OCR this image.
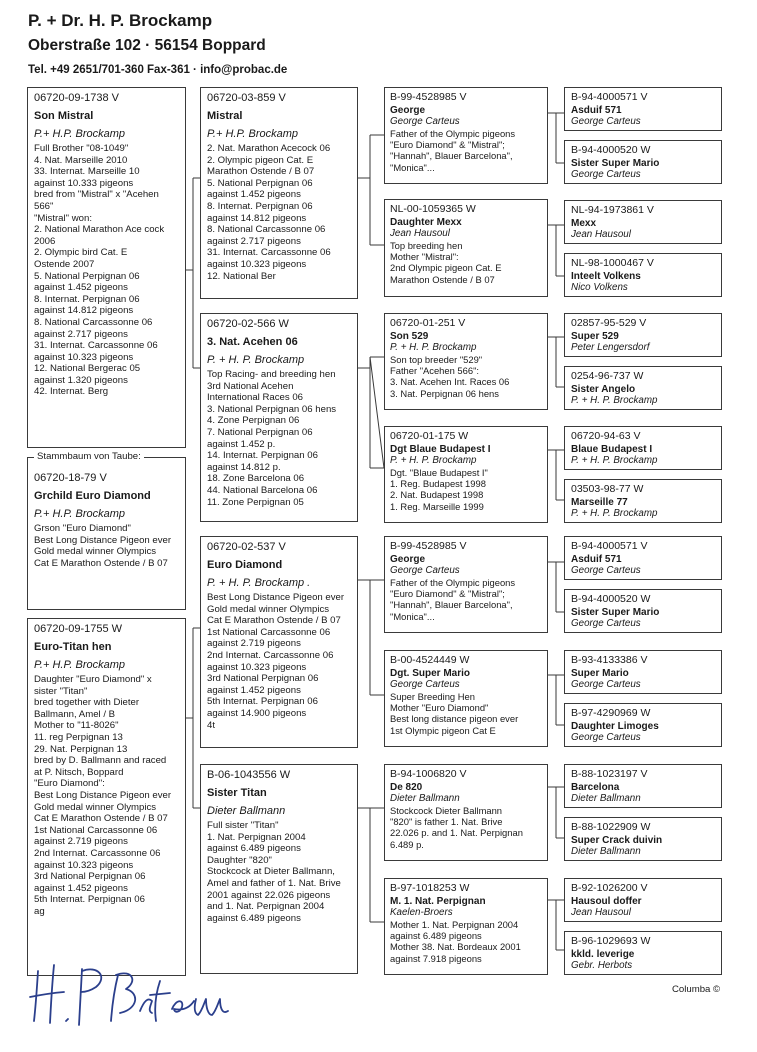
P. + Dr. H. P. Brockamp
Oberstraße 102 · 56154 Boppard
Tel. +49 2651/701-360 Fax-361 · info@probac.de
06720-09-1738 V
Son Mistral
P.+ H.P. Brockamp
Full Brother "08-1049"
4. Nat. Marseille 2010
33. Internat. Marseille 10
against 10.333 pigeons
bred from "Mistral" x "Acehen
566"
"Mistral" won:
2. National Marathon Ace cock
2006
2. Olympic bird Cat. E
Ostende 2007
5. National Perpignan 06
against 1.452 pigeons
8. Internat. Perpignan 06
against 14.812 pigeons
8. National Carcassonne 06
against 2.717 pigeons
31. Internat. Carcassonne 06
against 10.323 pigeons
12. National Bergerac 05
against 1.320 pigeons
42. Internat. Berg
06720-18-79 V
Grchild Euro Diamond
P.+ H.P. Brockamp
Grson "Euro Diamond"
Best Long Distance Pigeon ever
Gold medal winner Olympics
Cat E Marathon Ostende / B 07
Stammbaum von Taube:
06720-09-1755 W
Euro-Titan hen
P.+ H.P. Brockamp
Daughter "Euro Diamond" x
sister "Titan"
bred together with Dieter
Ballmann, Amel / B
Mother to "11-8026"
11. reg Perpignan 13
29. Nat. Perpignan 13
bred by D. Ballmann and raced
at P. Nitsch, Boppard
"Euro Diamond":
Best Long Distance Pigeon ever
Gold medal winner Olympics
Cat E Marathon Ostende / B 07
1st National Carcassonne 06
against 2.719 pigeons
2nd Internat. Carcassonne 06
against 10.323 pigeons
3rd National Perpignan 06
against 1.452 pigeons
5th Internat. Perpignan 06
ag
06720-03-859 V
Mistral
P.+ H.P. Brockamp
2. Nat. Marathon Acecock 06
2. Olympic pigeon Cat. E
Marathon Ostende / B 07
5. National Perpignan 06
against 1.452 pigeons
8. Internat. Perpignan 06
against 14.812 pigeons
8. National Carcassonne 06
against 2.717 pigeons
31. Internat. Carcassonne 06
against 10.323 pigeons
12. National Ber
06720-02-566 W
3. Nat. Acehen 06
P. + H. P. Brockamp
Top Racing- and breeding hen
3rd National Acehen
International Races 06
3. National Perpignan 06 hens
4. Zone Perpignan 06
7. National Perpignan 06
against 1.452 p.
14. Internat. Perpignan 06
against 14.812 p.
18. Zone Barcelona 06
44. National Barcelona 06
11. Zone Perpignan 05
06720-02-537 V
Euro Diamond
P. + H. P. Brockamp .
Best Long Distance Pigeon ever
Gold medal winner Olympics
Cat E Marathon Ostende / B 07
1st National Carcassonne 06
against 2.719 pigeons
2nd Internat. Carcassonne 06
against 10.323 pigeons
3rd National Perpignan 06
against 1.452 pigeons
5th Internat. Perpignan 06
against 14.900 pigeons
4t
B-06-1043556 W
Sister Titan
Dieter Ballmann
Full sister "Titan"
1. Nat. Perpignan 2004
against 6.489 pigeons
Daughter "820"
Stockcock at Dieter Ballmann,
Amel and father of 1. Nat. Brive
2001 against 22.026 pigeons
and 1. Nat. Perpignan 2004
against 6.489 pigeons
B-99-4528985 V
George
George Carteus
Father of the Olympic pigeons
"Euro Diamond" & "Mistral";
"Hannah", Blauer Barcelona",
"Monica"...
NL-00-1059365 W
Daughter Mexx
Jean Hausoul
Top breeding hen
Mother "Mistral":
2nd Olympic pigeon Cat. E
Marathon Ostende / B 07
06720-01-251 V
Son 529
P. + H. P. Brockamp
Son top breeder "529"
Father "Acehen 566":
3. Nat. Acehen Int. Races 06
3. Nat. Perpignan 06 hens
06720-01-175 W
Dgt Blaue Budapest I
P. + H. P. Brockamp
Dgt. "Blaue Budapest I"
1. Reg. Budapest 1998
2. Nat. Budapest 1998
1. Reg. Marseille 1999
B-99-4528985 V
George
George Carteus
Father of the Olympic pigeons
"Euro Diamond" & "Mistral";
"Hannah", Blauer Barcelona",
"Monica"...
B-00-4524449 W
Dgt. Super Mario
George Carteus
Super Breeding Hen
Mother "Euro Diamond"
Best long distance pigeon ever
1st Olympic pigeon Cat E
B-94-1006820 V
De 820
Dieter Ballmann
Stockcock Dieter Ballmann
"820" is father 1. Nat. Brive
22.026 p. and 1. Nat. Perpignan
6.489 p.
B-97-1018253 W
M. 1. Nat. Perpignan
Kaelen-Broers
Mother 1. Nat. Perpignan 2004
against 6.489 pigeons
Mother 38. Nat. Bordeaux 2001
against 7.918 pigeons
B-94-4000571 V
Asduif 571
George Carteus
B-94-4000520 W
Sister Super Mario
George Carteus
NL-94-1973861 V
Mexx
Jean Hausoul
NL-98-1000467 V
Inteelt Volkens
Nico Volkens
02857-95-529 V
Super 529
Peter Lengersdorf
0254-96-737 W
Sister Angelo
P. + H. P. Brockamp
06720-94-63 V
Blaue Budapest I
P. + H. P. Brockamp
03503-98-77 W
Marseille 77
P. + H. P. Brockamp
B-94-4000571 V
Asduif 571
George Carteus
B-94-4000520 W
Sister Super Mario
George Carteus
B-93-4133386 V
Super Mario
George Carteus
B-97-4290969 W
Daughter Limoges
George Carteus
B-88-1023197 V
Barcelona
Dieter Ballmann
B-88-1022909 W
Super Crack duivin
Dieter Ballmann
B-92-1026200 V
Hausoul doffer
Jean Hausoul
B-96-1029693 W
kkld. leverige
Gebr. Herbots
Columba ©
